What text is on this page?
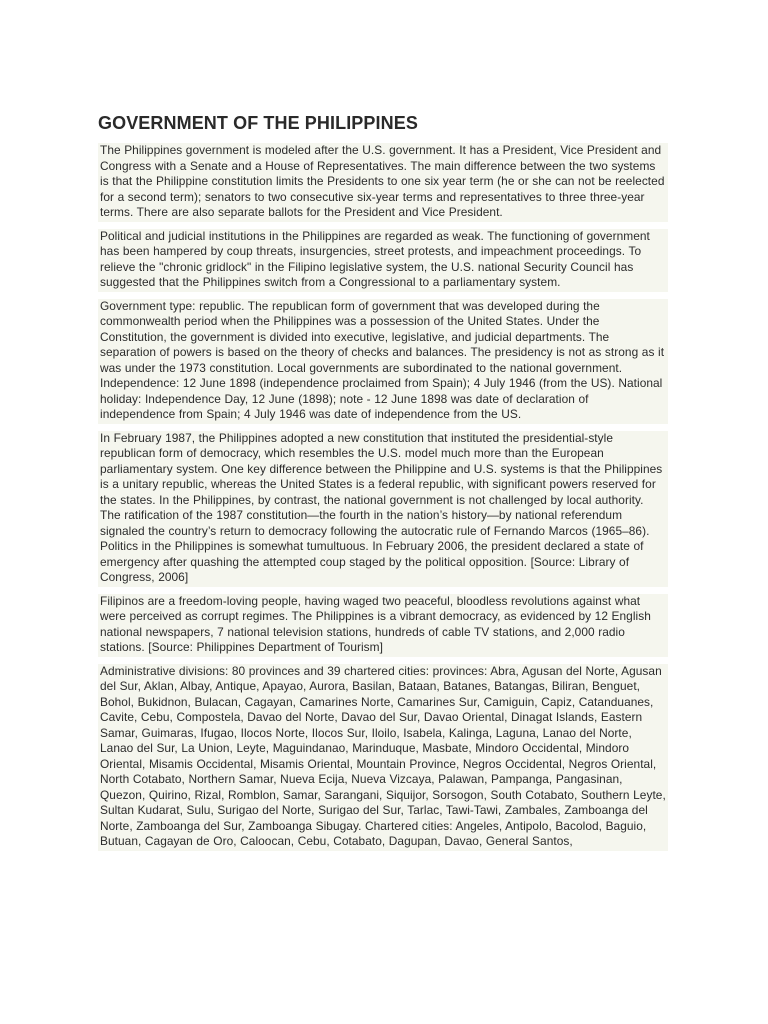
GOVERNMENT OF THE PHILIPPINES

The Philippines government is modeled after the U.S. government. It has a President, Vice President and Congress with a Senate and a House of Representatives. The main difference between the two systems is that the Philippine constitution limits the Presidents to one six year term (he or she can not be reelected for a second term); senators to two consecutive six-year terms and representatives to three three-year terms. There are also separate ballots for the President and Vice President.

Political and judicial institutions in the Philippines are regarded as weak. The functioning of government has been hampered by coup threats, insurgencies, street protests, and impeachment proceedings. To relieve the "chronic gridlock" in the Filipino legislative system, the U.S. national Security Council has suggested that the Philippines switch from a Congressional to a parliamentary system.

Government type: republic. The republican form of government that was developed during the commonwealth period when the Philippines was a possession of the United States. Under the Constitution, the government is divided into executive, legislative, and judicial departments. The separation of powers is based on the theory of checks and balances. The presidency is not as strong as it was under the 1973 constitution. Local governments are subordinated to the national government. Independence: 12 June 1898 (independence proclaimed from Spain); 4 July 1946 (from the US). National holiday: Independence Day, 12 June (1898); note - 12 June 1898 was date of declaration of independence from Spain; 4 July 1946 was date of independence from the US.

In February 1987, the Philippines adopted a new constitution that instituted the presidential-style republican form of democracy, which resembles the U.S. model much more than the European parliamentary system. One key difference between the Philippine and U.S. systems is that the Philippines is a unitary republic, whereas the United States is a federal republic, with significant powers reserved for the states. In the Philippines, by contrast, the national government is not challenged by local authority. The ratification of the 1987 constitution—the fourth in the nation’s history—by national referendum signaled the country’s return to democracy following the autocratic rule of Fernando Marcos (1965–86). Politics in the Philippines is somewhat tumultuous. In February 2006, the president declared a state of emergency after quashing the attempted coup staged by the political opposition. [Source: Library of Congress, 2006]

Filipinos are a freedom-loving people, having waged two peaceful, bloodless revolutions against what were perceived as corrupt regimes. The Philippines is a vibrant democracy, as evidenced by 12 English national newspapers, 7 national television stations, hundreds of cable TV stations, and 2,000 radio stations. [Source: Philippines Department of Tourism]

Administrative divisions: 80 provinces and 39 chartered cities: provinces: Abra, Agusan del Norte, Agusan del Sur, Aklan, Albay, Antique, Apayao, Aurora, Basilan, Bataan, Batanes, Batangas, Biliran, Benguet, Bohol, Bukidnon, Bulacan, Cagayan, Camarines Norte, Camarines Sur, Camiguin, Capiz, Catanduanes, Cavite, Cebu, Compostela, Davao del Norte, Davao del Sur, Davao Oriental, Dinagat Islands, Eastern Samar, Guimaras, Ifugao, Ilocos Norte, Ilocos Sur, Iloilo, Isabela, Kalinga, Laguna, Lanao del Norte, Lanao del Sur, La Union, Leyte, Maguindanao, Marinduque, Masbate, Mindoro Occidental, Mindoro Oriental, Misamis Occidental, Misamis Oriental, Mountain Province, Negros Occidental, Negros Oriental, North Cotabato, Northern Samar, Nueva Ecija, Nueva Vizcaya, Palawan, Pampanga, Pangasinan, Quezon, Quirino, Rizal, Romblon, Samar, Sarangani, Siquijor, Sorsogon, South Cotabato, Southern Leyte, Sultan Kudarat, Sulu, Surigao del Norte, Surigao del Sur, Tarlac, Tawi-Tawi, Zambales, Zamboanga del Norte, Zamboanga del Sur, Zamboanga Sibugay. Chartered cities: Angeles, Antipolo, Bacolod, Baguio, Butuan, Cagayan de Oro, Caloocan, Cebu, Cotabato, Dagupan, Davao, General Santos,
